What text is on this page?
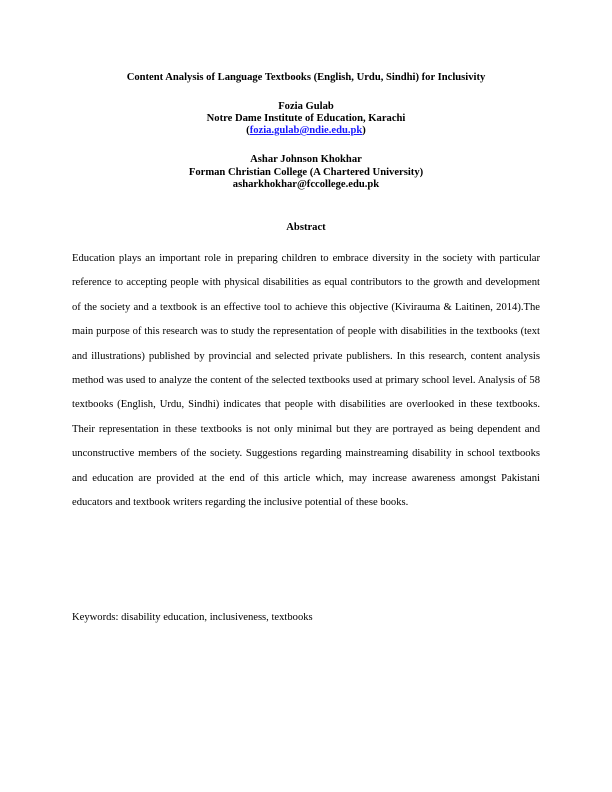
Content Analysis of Language Textbooks (English, Urdu, Sindhi) for Inclusivity
Fozia Gulab
Notre Dame Institute of Education, Karachi
(fozia.gulab@ndie.edu.pk)
Ashar Johnson Khokhar
Forman Christian College (A Chartered University)
asharkhokhar@fccollege.edu.pk
Abstract

Education plays an important role in preparing children to embrace diversity in the society with particular reference to accepting people with physical disabilities as equal contributors to the growth and development of the society and a textbook is an effective tool to achieve this objective (Kivirauma & Laitinen, 2014).The main purpose of this research was to study the representation of people with disabilities in the textbooks (text and illustrations) published by provincial and selected private publishers. In this research, content analysis method was used to analyze the content of the selected textbooks used at primary school level. Analysis of 58 textbooks (English, Urdu, Sindhi) indicates that people with disabilities are overlooked in these textbooks. Their representation in these textbooks is not only minimal but they are portrayed as being dependent and unconstructive members of the society. Suggestions regarding mainstreaming disability in school textbooks and education are provided at the end of this article which, may increase awareness amongst Pakistani educators and textbook writers regarding the inclusive potential of these books.

Keywords: disability education, inclusiveness, textbooks
